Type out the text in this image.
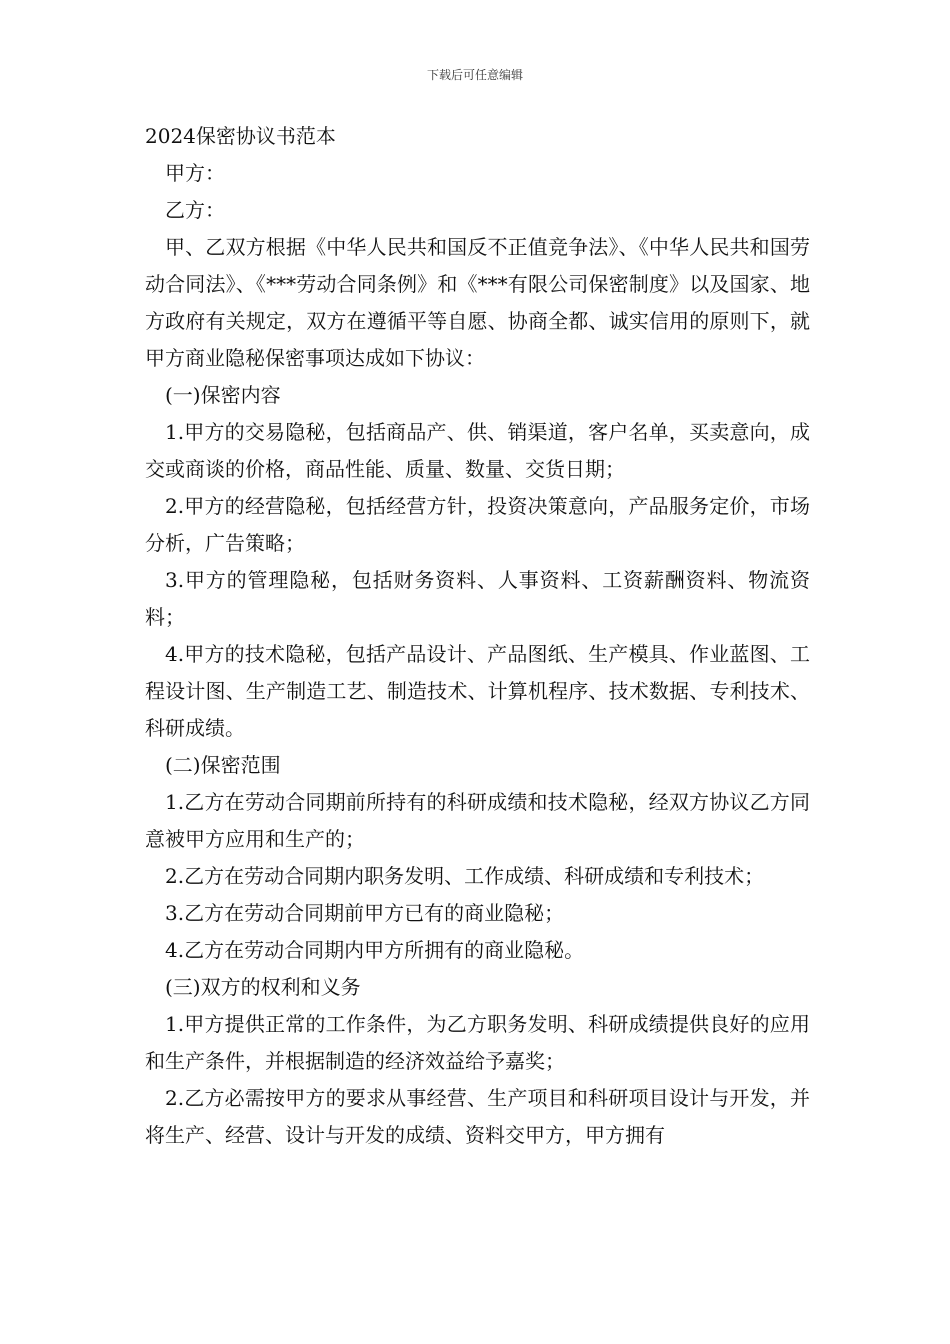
下载后可任意编辑
2024保密协议书范本

甲方：

乙方：

甲、乙双方根据《中华人民共和国反不正值竞争法》、《中华人民共和国劳动合同法》、《***劳动合同条例》和《***有限公司保密制度》以及国家、地方政府有关规定，双方在遵循平等自愿、协商全都、诚实信用的原则下，就甲方商业隐秘保密事项达成如下协议：

(一)保密内容

1.甲方的交易隐秘，包括商品产、供、销渠道，客户名单，买卖意向，成交或商谈的价格，商品性能、质量、数量、交货日期；

2.甲方的经营隐秘，包括经营方针，投资决策意向，产品服务定价，市场分析，广告策略；

3.甲方的管理隐秘，包括财务资料、人事资料、工资薪酬资料、物流资料；

4.甲方的技术隐秘，包括产品设计、产品图纸、生产模具、作业蓝图、工程设计图、生产制造工艺、制造技术、计算机程序、技术数据、专利技术、科研成绩。

(二)保密范围

1.乙方在劳动合同期前所持有的科研成绩和技术隐秘，经双方协议乙方同意被甲方应用和生产的；

2.乙方在劳动合同期内职务发明、工作成绩、科研成绩和专利技术；

3.乙方在劳动合同期前甲方已有的商业隐秘；

4.乙方在劳动合同期内甲方所拥有的商业隐秘。

(三)双方的权利和义务

1.甲方提供正常的工作条件，为乙方职务发明、科研成绩提供良好的应用和生产条件，并根据制造的经济效益给予嘉奖；

2.乙方必需按甲方的要求从事经营、生产项目和科研项目设计与开发，并将生产、经营、设计与开发的成绩、资料交甲方，甲方拥有
